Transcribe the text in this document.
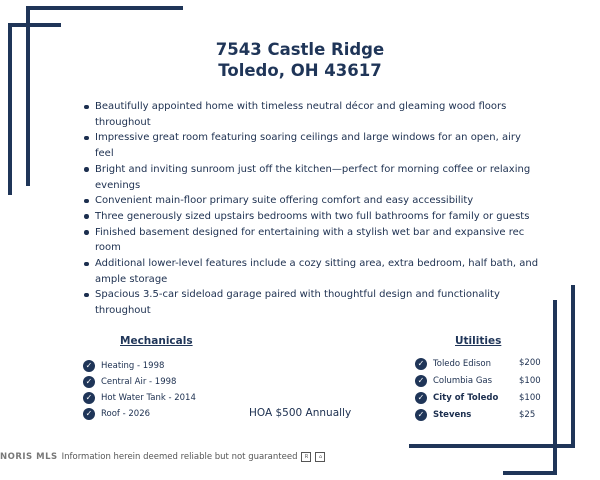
7543 Castle Ridge
Toledo, OH 43617
Beautifully appointed home with timeless neutral décor and gleaming wood floors throughout
Impressive great room featuring soaring ceilings and large windows for an open, airy feel
Bright and inviting sunroom just off the kitchen—perfect for morning coffee or relaxing evenings
Convenient main-floor primary suite offering comfort and easy accessibility
Three generously sized upstairs bedrooms with two full bathrooms for family or guests
Finished basement designed for entertaining with a stylish wet bar and expansive rec room
Additional lower-level features include a cozy sitting area, extra bedroom, half bath, and ample storage
Spacious 3.5-car sideload garage paired with thoughtful design and functionality throughout
Mechanicals
✓	Heating - 1998
✓	Central Air - 1998
✓	Hot Water Tank - 2014
✓	Roof - 2026	HOA $500 Annually
Utilities
✓	Toledo Edison	$200
✓	Columbia Gas	$100
✓	City of Toledo $100
✓	Stevens	$25
NORIS MLS Information herein deemed reliable but not guaranteed	R	⌂
